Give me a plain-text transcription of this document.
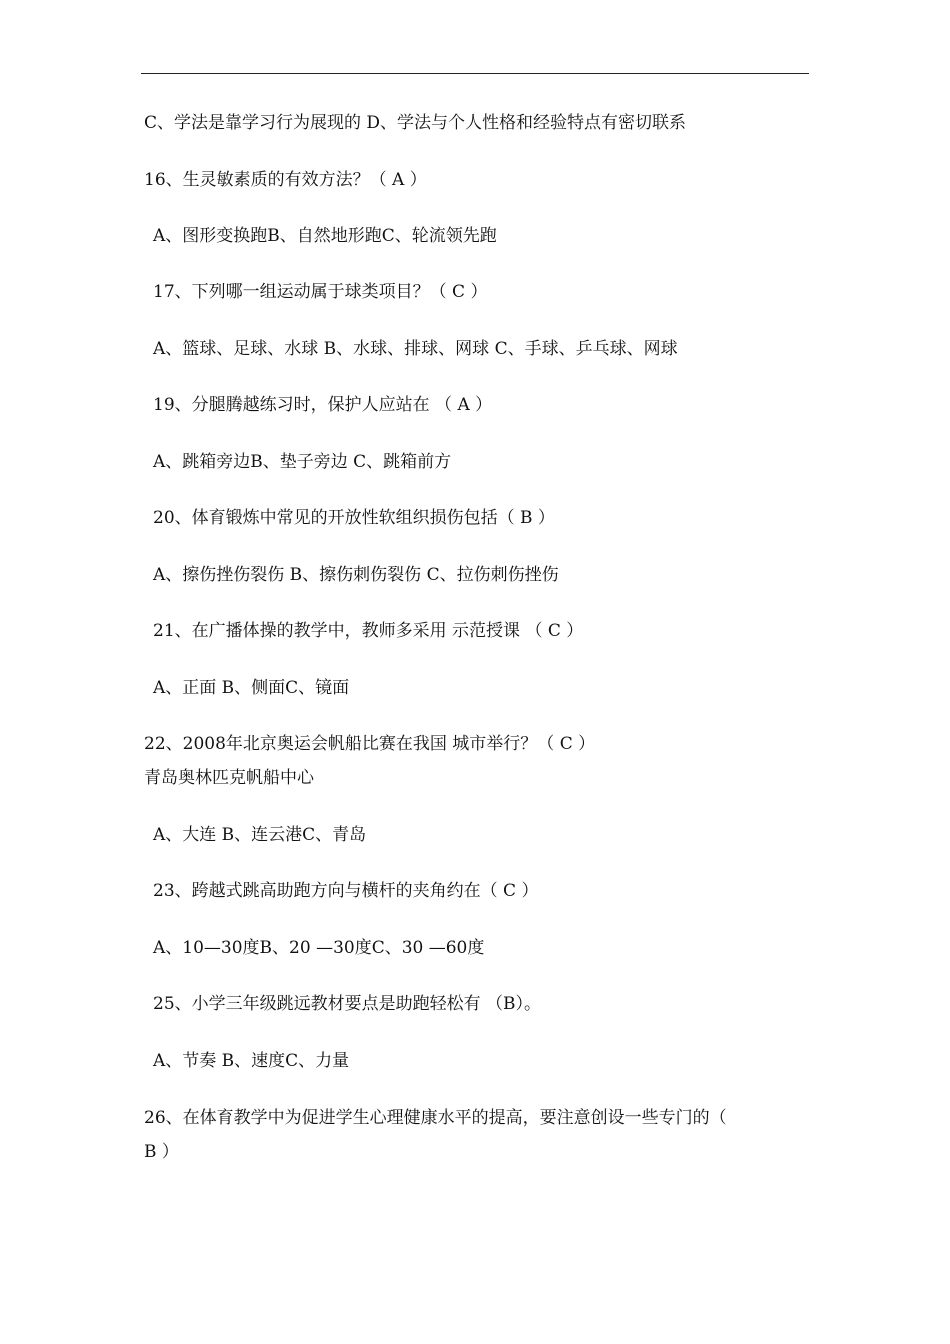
C、学法是靠学习行为展现的 D、学法与个人性格和经验特点有密切联系
16、生灵敏素质的有效方法？（ A ）
A、图形变换跑B、自然地形跑C、轮流领先跑
17、下列哪一组运动属于球类项目？（ C ）
A、篮球、足球、水球 B、水球、排球、网球 C、手球、乒乓球、网球
19、分腿腾越练习时，保护人应站在 （ A ）
A、跳箱旁边B、垫子旁边 C、跳箱前方
20、体育锻炼中常见的开放性软组织损伤包括（ B ）
A、擦伤挫伤裂伤 B、擦伤刺伤裂伤 C、拉伤刺伤挫伤
21、在广播体操的教学中，教师多采用 示范授课 （ C ）
A、正面 B、侧面C、镜面
22、2008年北京奥运会帆船比赛在我国 城市举行？（ C ）
青岛奥林匹克帆船中心
A、大连 B、连云港C、青岛
23、跨越式跳高助跑方向与横杆的夹角约在（ C ）
A、10—30度B、20 —30度C、30 —60度
25、小学三年级跳远教材要点是助跑轻松有 （B）。
A、节奏 B、速度C、力量
26、在体育教学中为促进学生心理健康水平的提高，要注意创设一些专门的（
B ）
